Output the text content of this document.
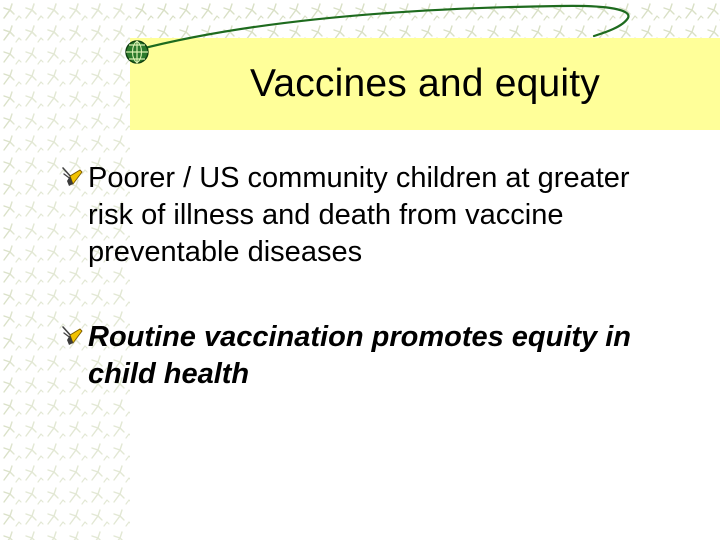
Vaccines and equity

Poorer / US community children at greater risk of illness and death from vaccine preventable diseases

Routine vaccination promotes equity in child health
